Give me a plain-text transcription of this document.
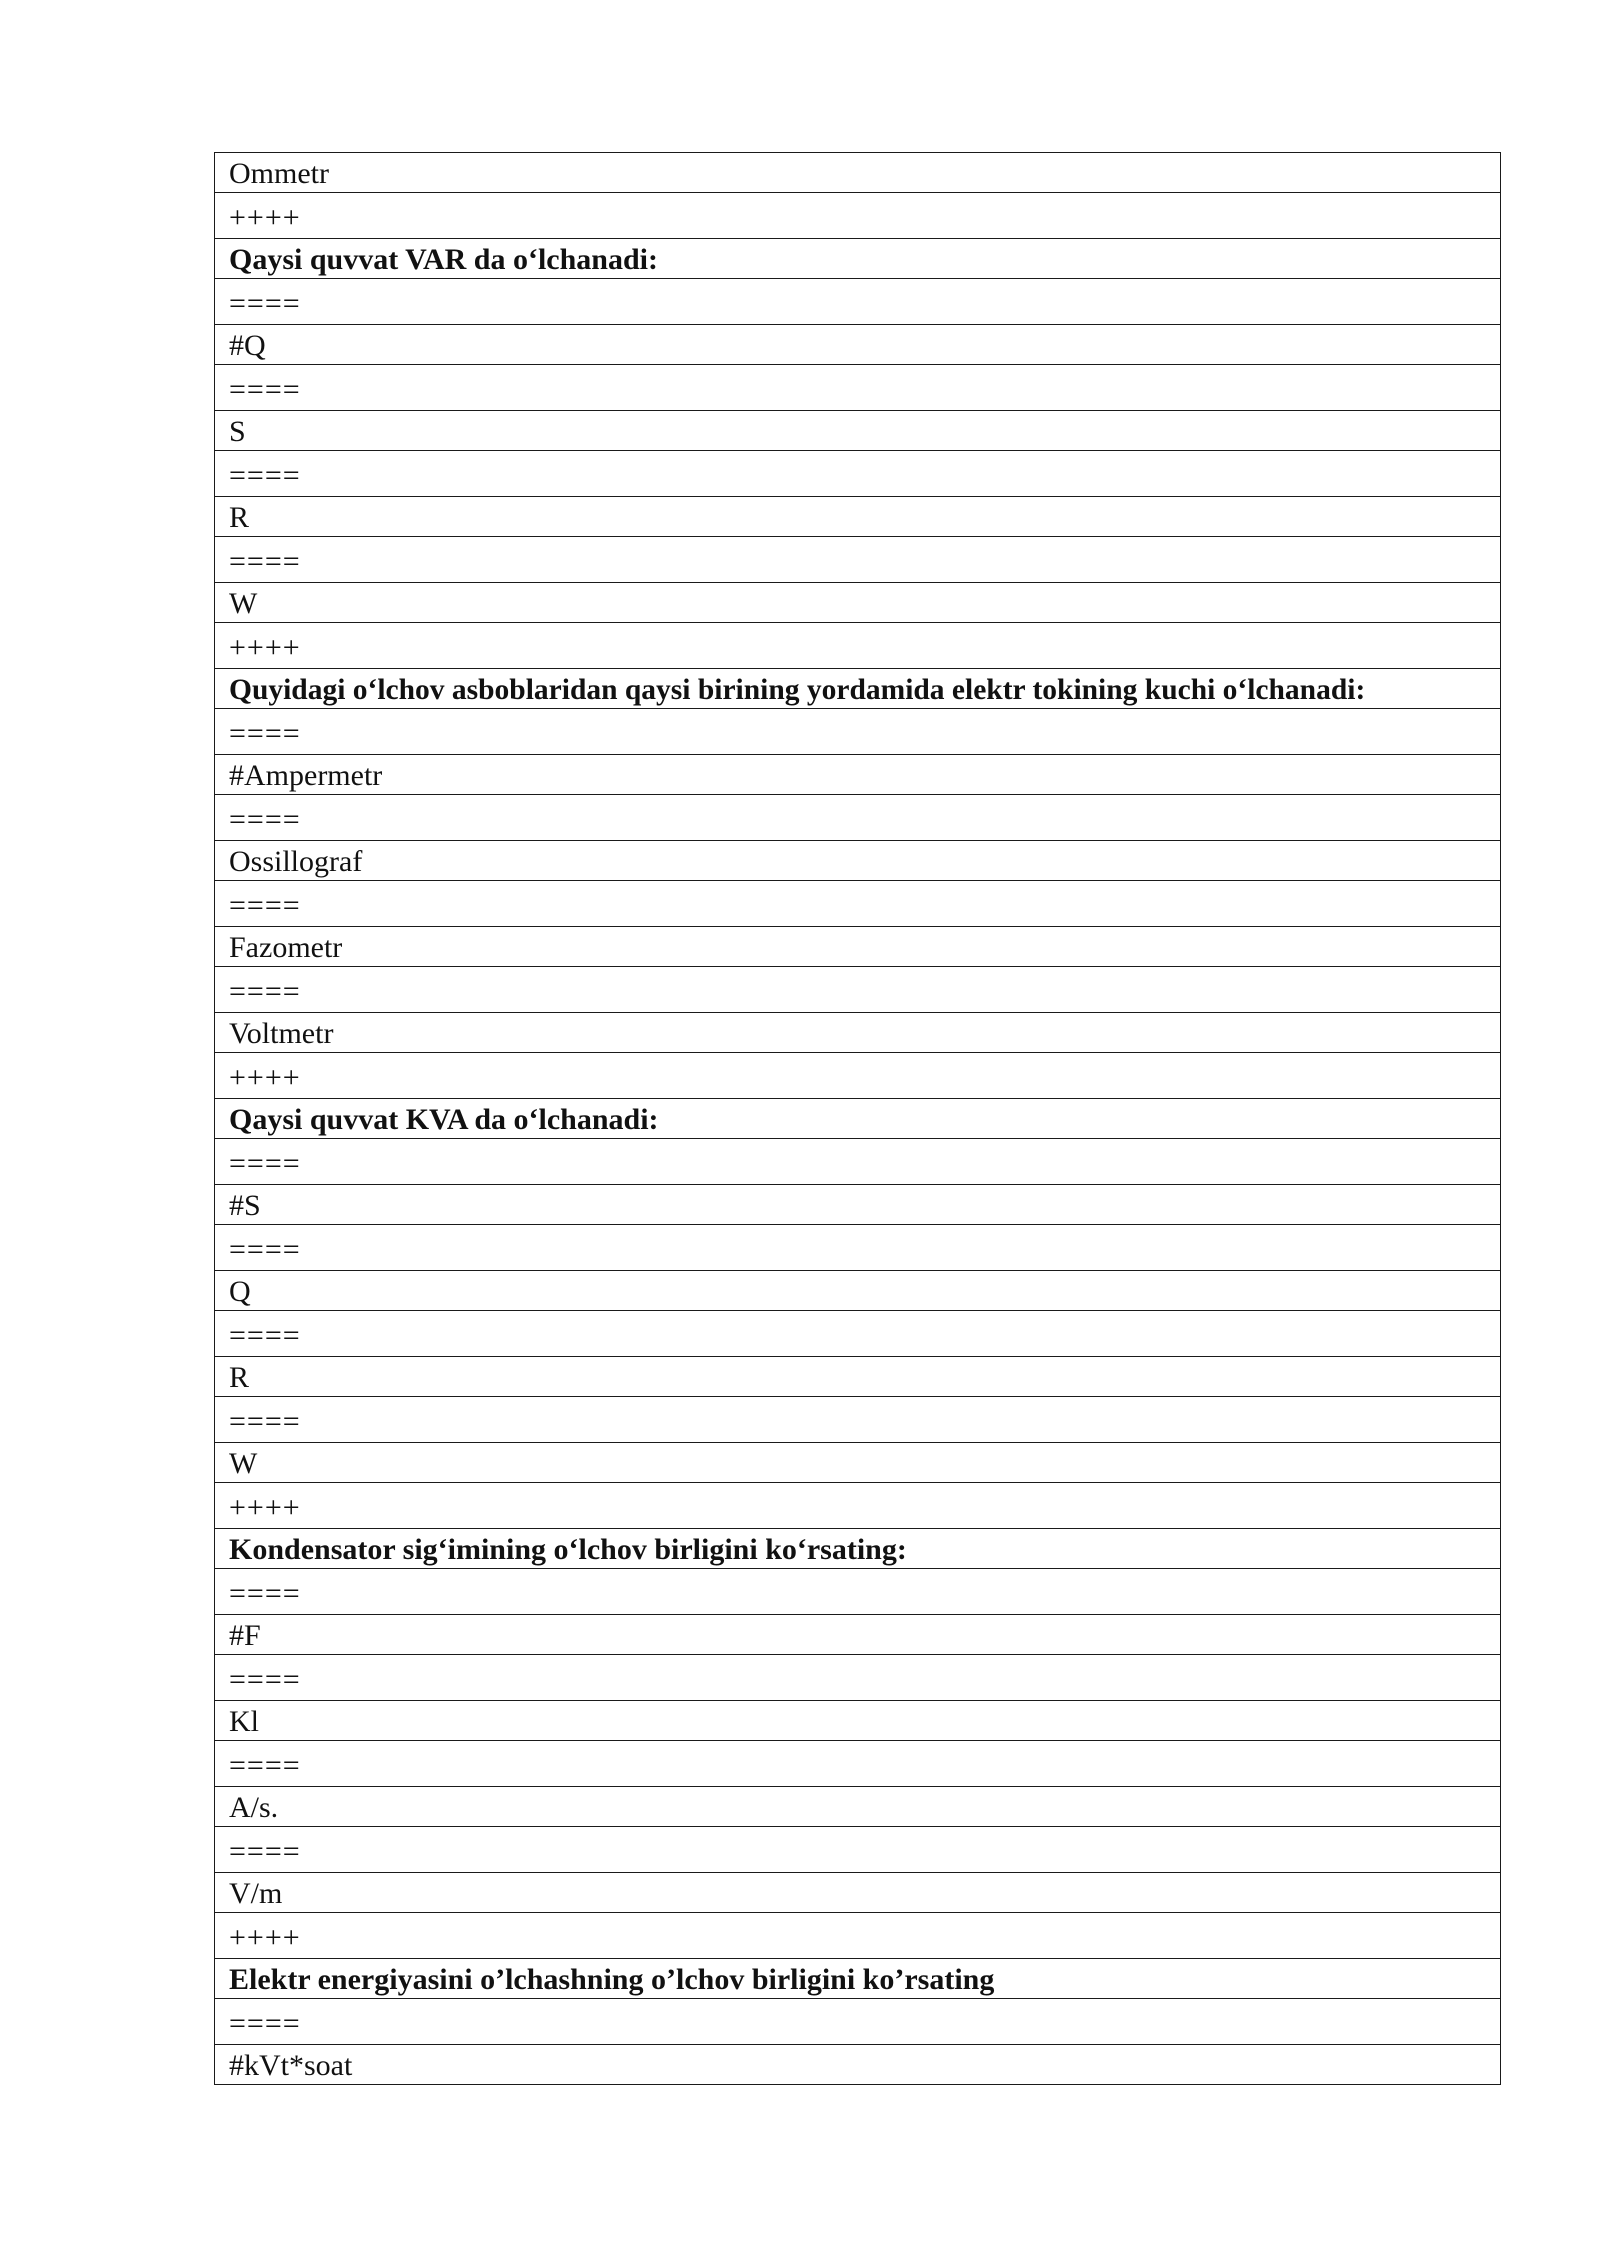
Ommetr
++++
Qaysi quvvat VAR da o‘lchanadi:
====
#Q
====
S
====
R
====
W
++++
Quyidagi o‘lchov asboblaridan qaysi birining yordamida elektr tokining kuchi o‘lchanadi:
====
#Ampermetr
====
Ossillograf
====
Fazometr
====
Voltmetr
++++
Qaysi quvvat KVA da o‘lchanadi:
====
#S
====
Q
====
R
====
W
++++
Kondensator sig‘imining o‘lchov birligini ko‘rsating:
====
#F
====
Kl
====
A/s.
====
V/m
++++
Elektr energiyasini o’lchashning o’lchov birligini ko’rsating
====
#kVt*soat
